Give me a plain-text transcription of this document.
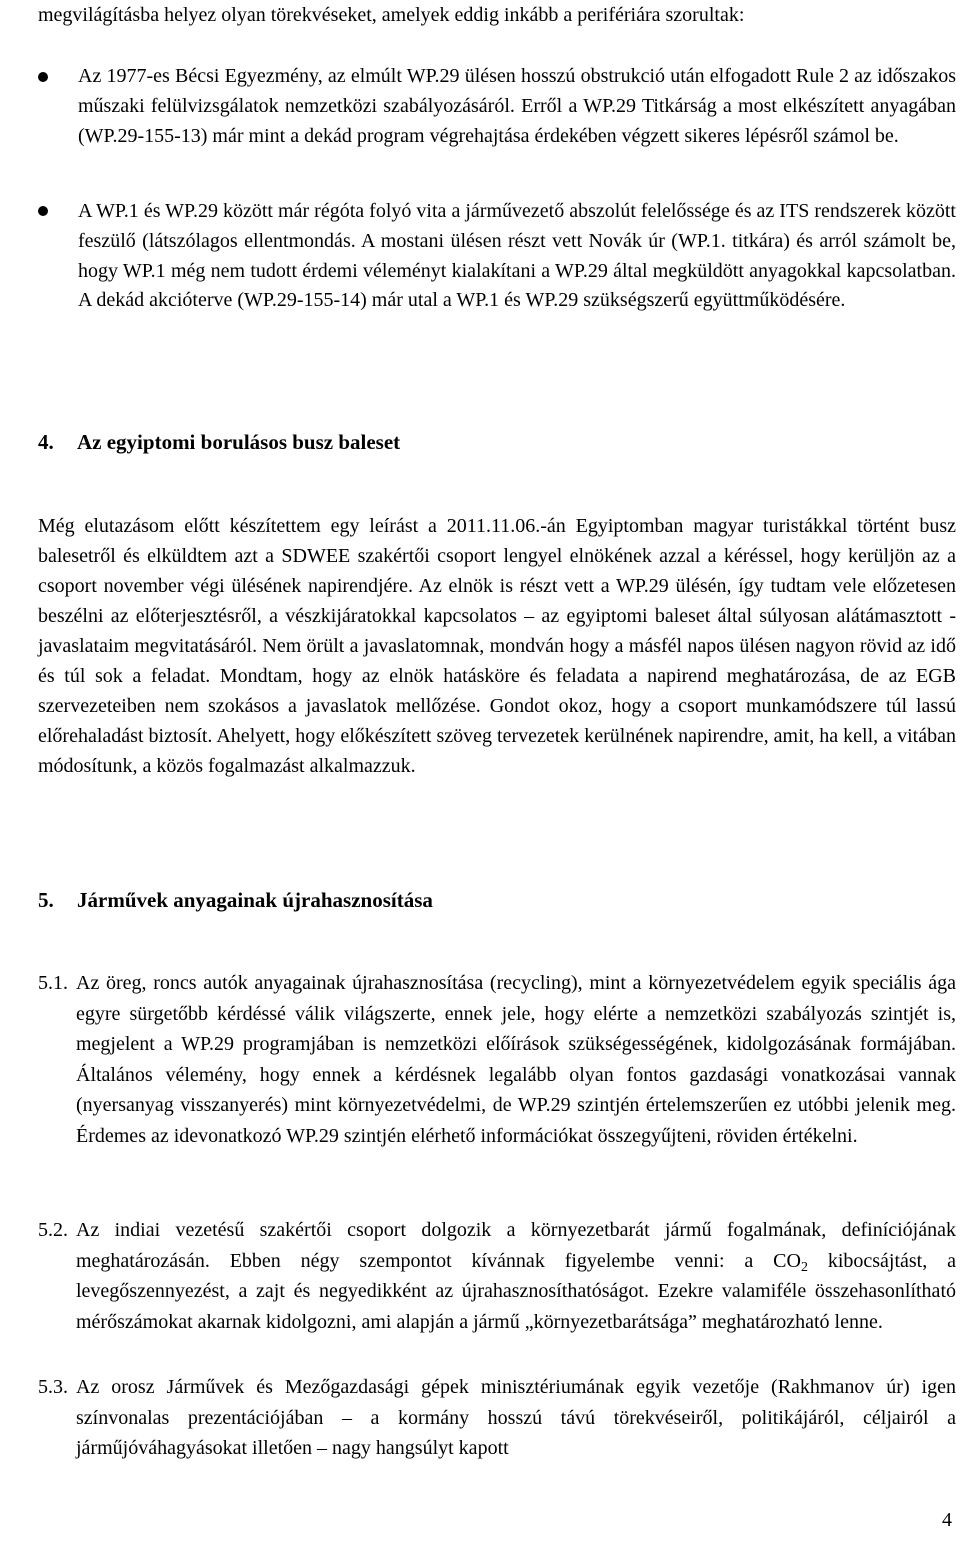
megvilágításba helyez olyan törekvéseket, amelyek eddig inkább a perifériára szorultak:

Az 1977-es Bécsi Egyezmény, az elmúlt WP.29 ülésen hosszú obstrukció után elfogadott Rule 2 az időszakos műszaki felülvizsgálatok nemzetközi szabályozásáról. Erről a WP.29 Titkárság a most elkészített anyagában (WP.29-155-13) már mint a dekád program végrehajtása érdekében végzett sikeres lépésről számol be.

A WP.1 és WP.29 között már régóta folyó vita a járművezető abszolút felelőssége és az ITS rendszerek között feszülő (látszólagos ellentmondás. A mostani ülésen részt vett Novák úr (WP.1. titkára) és arról számolt be, hogy WP.1 még nem tudott érdemi véleményt kialakítani a WP.29 által megküldött anyagokkal kapcsolatban. A dekád akcióterve (WP.29-155-14) már utal a WP.1 és WP.29 szükségszerű együttműködésére.

4. Az egyiptomi borulásos busz baleset

Még elutazásom előtt készítettem egy leírást a 2011.11.06.-án Egyiptomban magyar turistákkal történt busz balesetről és elküldtem azt a SDWEE szakértői csoport lengyel elnökének azzal a kéréssel, hogy kerüljön az a csoport november végi ülésének napirendjére. Az elnök is részt vett a WP.29 ülésén, így tudtam vele előzetesen beszélni az előterjesztésről, a vészkijáratokkal kapcsolatos – az egyiptomi baleset által súlyosan alátámasztott - javaslataim megvitatásáról. Nem örült a javaslatomnak, mondván hogy a másfél napos ülésen nagyon rövid az idő és túl sok a feladat. Mondtam, hogy az elnök hatásköre és feladata a napirend meghatározása, de az EGB szervezeteiben nem szokásos a javaslatok mellőzése. Gondot okoz, hogy a csoport munkamódszere túl lassú előrehaladást biztosít. Ahelyett, hogy előkészített szöveg tervezetek kerülnének napirendre, amit, ha kell, a vitában módosítunk, a közös fogalmazást alkalmazzuk.

5. Járművek anyagainak újrahasznosítása
5.1. Az öreg, roncs autók anyagainak újrahasznosítása (recycling), mint a környezetvédelem egyik speciális ága egyre sürgetőbb kérdéssé válik világszerte, ennek jele, hogy elérte a nemzetközi szabályozás szintjét is, megjelent a WP.29 programjában is nemzetközi előírások szükségességének, kidolgozásának formájában. Általános vélemény, hogy ennek a kérdésnek legalább olyan fontos gazdasági vonatkozásai vannak (nyersanyag visszanyerés) mint környezetvédelmi, de WP.29 szintjén értelemszerűen ez utóbbi jelenik meg. Érdemes az idevonatkozó WP.29 szintjén elérhető információkat összegyűjteni, röviden értékelni.
5.2. Az indiai vezetésű szakértői csoport dolgozik a környezetbarát jármű fogalmának, definíciójának meghatározásán. Ebben négy szempontot kívánnak figyelembe venni: a $CO_2$ kibocsájtást, a levegőszennyezést, a zajt és negyedikként az újrahasznosíthatóságot. Ezekre valamiféle összehasonlítható mérőszámokat akarnak kidolgozni, ami alapján a jármű „környezetbarátsága” meghatározható lenne.
5.3. Az orosz Járművek és Mezőgazdasági gépek minisztériumának egyik vezetője (Rakhmanov úr) igen színvonalas prezentációjában – a kormány hosszú távú törekvéseiről, politikájáról, céljairól a járműjóváhagyásokat illetően – nagy hangsúlyt kapott
4
